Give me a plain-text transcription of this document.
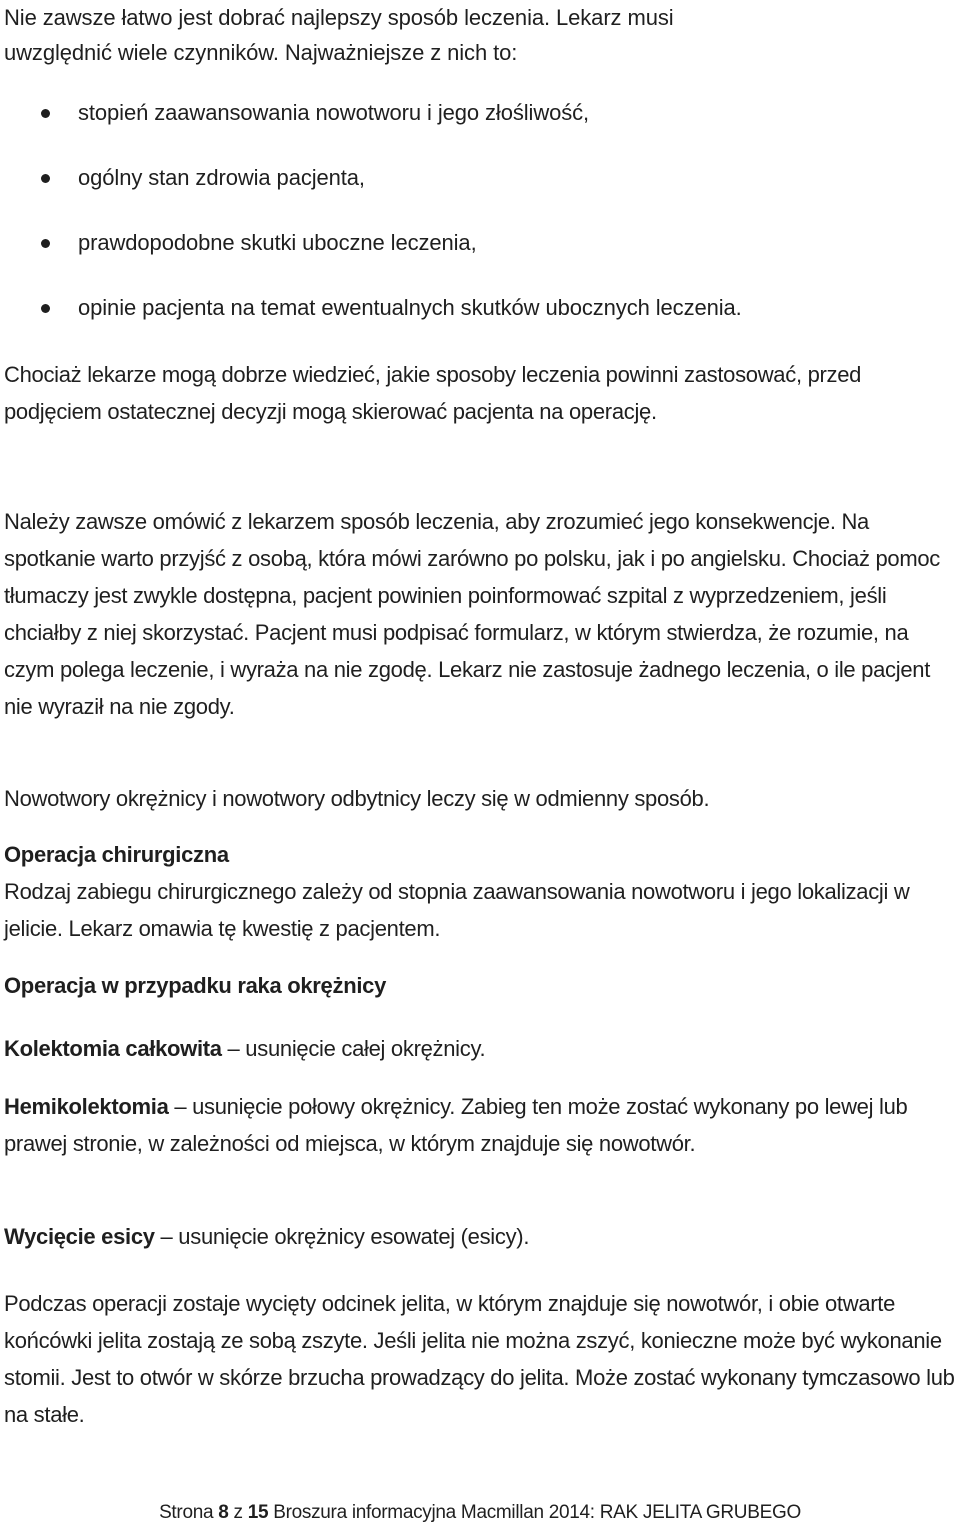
Nie zawsze łatwo jest dobrać najlepszy sposób leczenia. Lekarz musi
uwzględnić wiele czynników. Najważniejsze z nich to:
stopień zaawansowania nowotworu i jego złośliwość,
ogólny stan zdrowia pacjenta,
prawdopodobne skutki uboczne leczenia,
opinie pacjenta na temat ewentualnych skutków ubocznych leczenia.

Chociaż lekarze mogą dobrze wiedzieć, jakie sposoby leczenia powinni zastosować, przed podjęciem ostatecznej decyzji mogą skierować pacjenta na operację.

Należy zawsze omówić z lekarzem sposób leczenia, aby zrozumieć jego konsekwencje. Na spotkanie warto przyjść z osobą, która mówi zarówno po polsku, jak i po angielsku. Chociaż pomoc tłumaczy jest zwykle dostępna, pacjent powinien poinformować szpital z wyprzedzeniem, jeśli chciałby z niej skorzystać. Pacjent musi podpisać formularz, w którym stwierdza, że rozumie, na czym polega leczenie, i wyraża na nie zgodę. Lekarz nie zastosuje żadnego leczenia, o ile pacjent nie wyraził na nie zgody.

Nowotwory okrężnicy i nowotwory odbytnicy leczy się w odmienny sposób.

Operacja chirurgiczna
Rodzaj zabiegu chirurgicznego zależy od stopnia zaawansowania nowotworu i jego lokalizacji w jelicie. Lekarz omawia tę kwestię z pacjentem.
Operacja w przypadku raka okrężnicy

Kolektomia całkowita – usunięcie całej okrężnicy.

Hemikolektomia – usunięcie połowy okrężnicy. Zabieg ten może zostać wykonany po lewej lub prawej stronie, w zależności od miejsca, w którym znajduje się nowotwór.

Wycięcie esicy – usunięcie okrężnicy esowatej (esicy).

Podczas operacji zostaje wycięty odcinek jelita, w którym znajduje się nowotwór, i obie otwarte końcówki jelita zostają ze sobą zszyte. Jeśli jelita nie można zszyć, konieczne może być wykonanie stomii. Jest to otwór w skórze brzucha prowadzący do jelita. Może zostać wykonany tymczasowo lub na stałe.

Strona 8 z 15 Broszura informacyjna Macmillan 2014: RAK JELITA GRUBEGO
